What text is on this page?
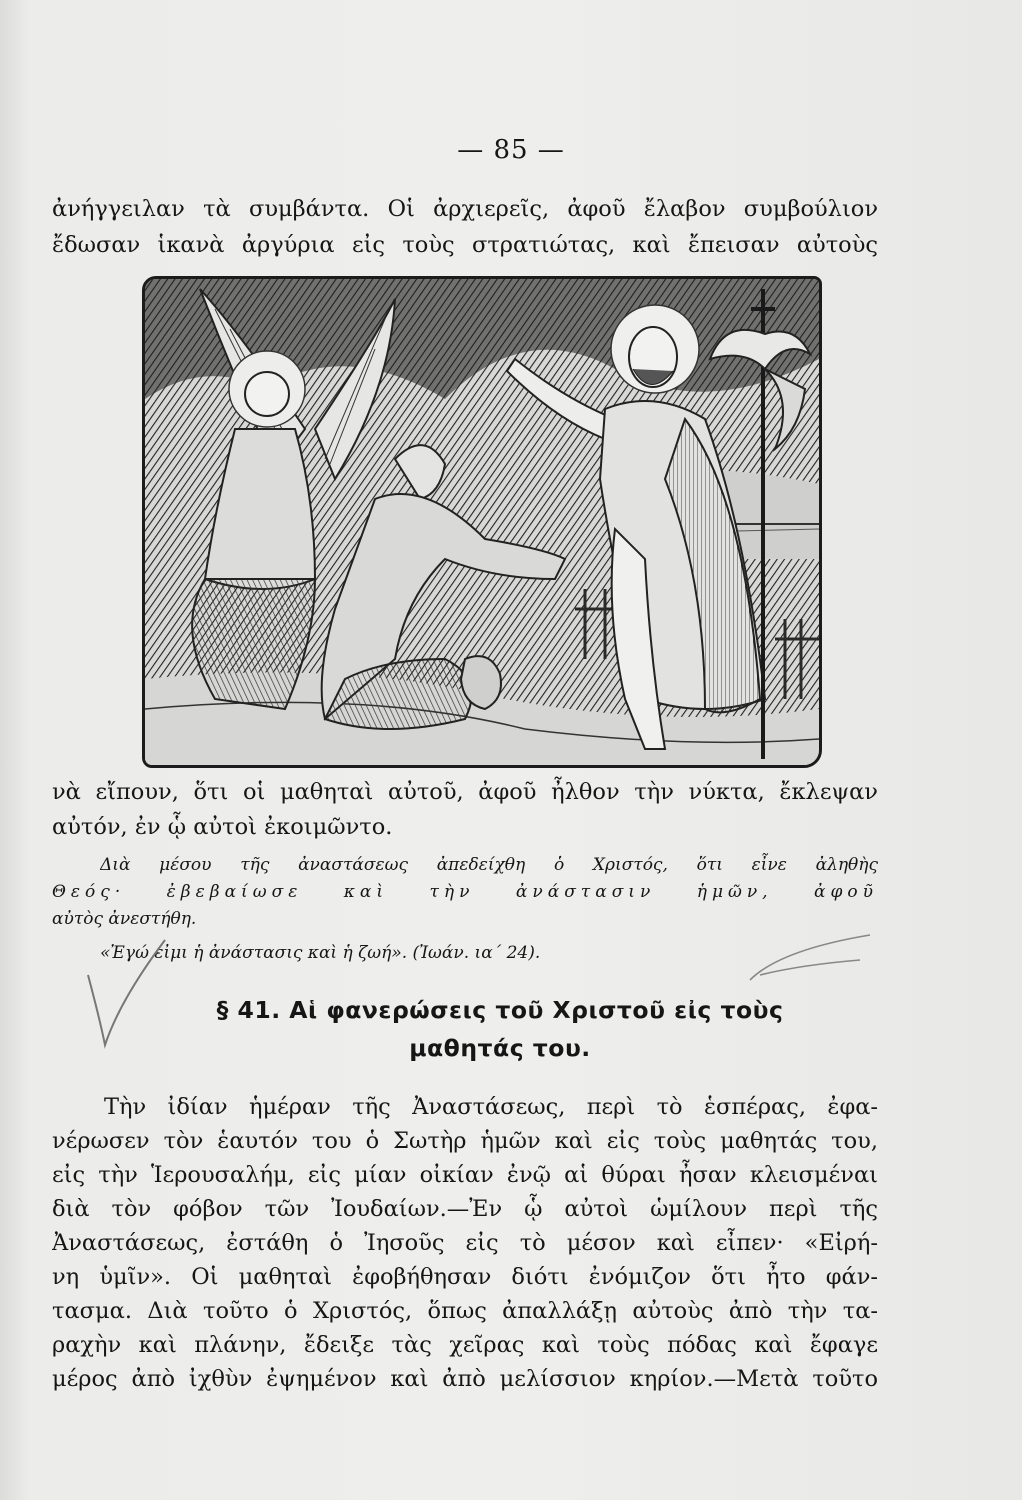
— 85 —
ἀνήγγειλαν τὰ συμβάντα. Οἱ ἀρχιερεῖς, ἀφοῦ ἔλαβον συμβούλιον
ἔδωσαν ἱκανὰ ἀργύρια εἰς τοὺς στρατιώτας, καὶ ἔπεισαν αὐτοὺς
νὰ εἴπουν, ὅτι οἱ μαθηταὶ αὐτοῦ, ἀφοῦ ἦλθον τὴν νύκτα, ἔκλεψαν
αὐτόν, ἐν ᾧ αὐτοὶ ἐκοιμῶντο.
Διὰ μέσου τῆς ἀναστάσεως ἀπεδείχθη ὁ Χριστός, ὅτι εἶνε ἀληθὴς
Θεός· ἐβεβαίωσε καὶ τὴν ἀνάστασιν ἡμῶν, ἀφοῦ
αὐτὸς ἀνεστήθη.
«Ἐγώ εἰμι ἡ ἀνάστασις καὶ ἡ ζωή». (Ἰωάν. ια΄ 24).
§ 41. Αἱ φανερώσεις τοῦ Χριστοῦ εἰς τοὺς
μαθητάς του.
Τὴν ἰδίαν ἡμέραν τῆς Ἀναστάσεως, περὶ τὸ ἑσπέρας, ἐφα-
νέρωσεν τὸν ἑαυτόν του ὁ Σωτὴρ ἡμῶν καὶ εἰς τοὺς μαθητάς του,
εἰς τὴν Ἱερουσαλήμ, εἰς μίαν οἰκίαν ἐνῷ αἱ θύραι ἦσαν κλεισμέναι
διὰ τὸν φόβον τῶν Ἰουδαίων.—Ἐν ᾧ αὐτοὶ ὡμίλουν περὶ τῆς
Ἀναστάσεως, ἐστάθη ὁ Ἰησοῦς εἰς τὸ μέσον καὶ εἶπεν· «Εἰρή-
νη ὑμῖν». Οἱ μαθηταὶ ἐφοβήθησαν διότι ἐνόμιζον ὅτι ἦτο φάν-
τασμα. Διὰ τοῦτο ὁ Χριστός, ὅπως ἀπαλλάξῃ αὐτοὺς ἀπὸ τὴν τα-
ραχὴν καὶ πλάνην, ἔδειξε τὰς χεῖρας καὶ τοὺς πόδας καὶ ἔφαγε
μέρος ἀπὸ ἰχθὺν ἐψημένον καὶ ἀπὸ μελίσσιον κηρίον.—Μετὰ τοῦτο
